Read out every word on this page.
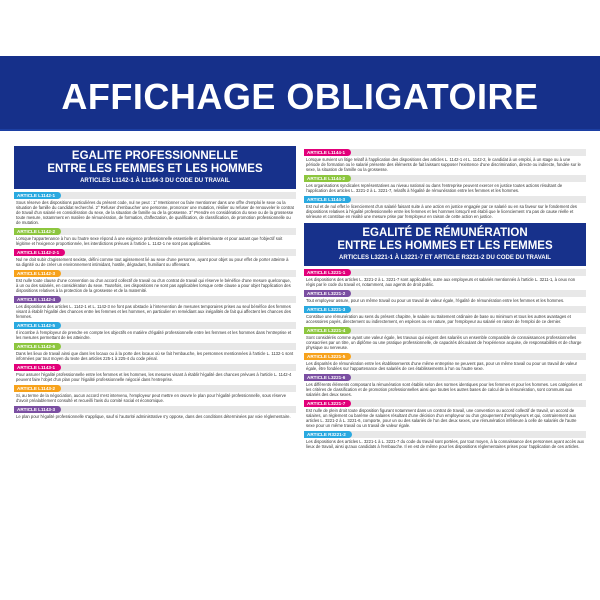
AFFICHAGE OBLIGATOIRE
EGALITE PROFESSIONNELLE
ENTRE LES FEMMES ET LES HOMMES
ARTICLES L1142-1 À L1144-3 DU CODE DU TRAVAIL
ARTICLE L1142-1
Sous réserve des dispositions particulières du présent code, nul ne peut : 1° Mentionner ou faire mentionner dans une offre d'emploi le sexe ou la situation de famille du candidat recherché. 2° Refuser d'embaucher une personne, prononcer une mutation, résilier ou refuser de renouveler le contrat de travail d'un salarié en considération du sexe, de la situation de famille ou de la grossesse. 3° Prendre en considération du sexe ou de la grossesse toute mesure, notamment en matière de rémunération, de formation, d'affectation, de qualification, de classification, de promotion professionnelle ou de mutation.
ARTICLE L1142-2
Lorsque l'appartenance à l'un ou l'autre sexe répond à une exigence professionnelle essentielle et déterminante et pour autant que l'objectif soit légitime et l'exigence proportionnée, les interdictions prévues à l'article L. 1142-1 ne sont pas applicables.
ARTICLE L1142-2-1
Nul ne doit subir d'agissement sexiste, défini comme tout agissement lié au sexe d'une personne, ayant pour objet ou pour effet de porter atteinte à sa dignité ou de créer un environnement intimidant, hostile, dégradant, humiliant ou offensant.
ARTICLE L1142-3
Est nulle toute clause d'une convention ou d'un accord collectif de travail ou d'un contrat de travail qui réserve le bénéfice d'une mesure quelconque, à un ou des salariés, en considération du sexe. Toutefois, ces dispositions ne sont pas applicables lorsque cette clause a pour objet l'application des dispositions relatives à la protection de la grossesse et de la maternité.
ARTICLE L1142-4
Les dispositions des articles L. 1142-1 et L. 1142-3 ne font pas obstacle à l'intervention de mesures temporaires prises au seul bénéfice des femmes visant à établir l'égalité des chances entre les femmes et les hommes, en particulier en remédiant aux inégalités de fait qui affectent les chances des femmes.
ARTICLE L1142-5
Il incombe à l'employeur de prendre en compte les objectifs en matière d'égalité professionnelle entre les femmes et les hommes dans l'entreprise et les mesures permettant de les atteindre.
ARTICLE L1142-6
Dans les lieux de travail ainsi que dans les locaux ou à la porte des locaux où se fait l'embauche, les personnes mentionnées à l'article L. 1132-1 sont informées par tout moyen du texte des articles 225-1 à 225-4 du code pénal.
ARTICLE L1143-1
Pour assurer l'égalité professionnelle entre les femmes et les hommes, les mesures visant à établir l'égalité des chances prévues à l'article L. 1142-4 peuvent faire l'objet d'un plan pour l'égalité professionnelle négocié dans l'entreprise.
ARTICLE L1143-2
Si, au terme de la négociation, aucun accord n'est intervenu, l'employeur peut mettre en œuvre le plan pour l'égalité professionnelle, sous réserve d'avoir préalablement consulté et recueilli l'avis du comité social et économique.
ARTICLE L1143-3
Le plan pour l'égalité professionnelle s'applique, sauf si l'autorité administrative s'y oppose, dans des conditions déterminées par voie réglementaire.
ARTICLE L1144-1
Lorsque survient un litige relatif à l'application des dispositions des articles L. 1142-1 et L. 1142-2, le candidat à un emploi, à un stage ou à une période de formation ou le salarié présente des éléments de fait laissant supposer l'existence d'une discrimination, directe ou indirecte, fondée sur le sexe, la situation de famille ou la grossesse.
ARTICLE L1144-2
Les organisations syndicales représentatives au niveau national ou dans l'entreprise peuvent exercer en justice toutes actions résultant de l'application des articles L. 3221-2 à L. 3221-7, relatifs à l'égalité de rémunération entre les femmes et les hommes.
ARTICLE L1144-3
Est nul et de nul effet le licenciement d'un salarié faisant suite à une action en justice engagée par ce salarié ou en sa faveur sur le fondement des dispositions relatives à l'égalité professionnelle entre les femmes et les hommes lorsqu'il est établi que le licenciement n'a pas de cause réelle et sérieuse et constitue en réalité une mesure prise par l'employeur en raison de cette action en justice.
EGALITÉ DE RÉMUNÉRATION
ENTRE LES HOMMES ET LES FEMMES
ARTICLES L3221-1 À L3221-7 ET ARTICLE R3221-2 DU CODE DU TRAVAIL
ARTICLE L3221-1
Les dispositions des articles L. 3221-2 à L. 3221-7 sont applicables, outre aux employeurs et salariés mentionnés à l'article L. 3211-1, à ceux non régis par le code du travail et, notamment, aux agents de droit public.
ARTICLE L3221-2
Tout employeur assure, pour un même travail ou pour un travail de valeur égale, l'égalité de rémunération entre les femmes et les hommes.
ARTICLE L3221-3
Constitue une rémunération au sens du présent chapitre, le salaire ou traitement ordinaire de base ou minimum et tous les autres avantages et accessoires payés, directement ou indirectement, en espèces ou en nature, par l'employeur au salarié en raison de l'emploi de ce dernier.
ARTICLE L3221-4
Sont considérés comme ayant une valeur égale, les travaux qui exigent des salariés un ensemble comparable de connaissances professionnelles consacrées par un titre, un diplôme ou une pratique professionnelle, de capacités découlant de l'expérience acquise, de responsabilités et de charge physique ou nerveuse.
ARTICLE L3221-5
Les disparités de rémunération entre les établissements d'une même entreprise ne peuvent pas, pour un même travail ou pour un travail de valeur égale, être fondées sur l'appartenance des salariés de ces établissements à l'un ou l'autre sexe.
ARTICLE L3221-6
Les différents éléments composant la rémunération sont établis selon des normes identiques pour les femmes et pour les hommes. Les catégories et les critères de classification et de promotion professionnelles ainsi que toutes les autres bases de calcul de la rémunération, sont communs aux salariés des deux sexes.
ARTICLE L3221-7
Est nulle de plein droit toute disposition figurant notamment dans un contrat de travail, une convention ou accord collectif de travail, un accord de salaires, un règlement ou barème de salaires résultant d'une décision d'un employeur ou d'un groupement d'employeurs et qui, contrairement aux articles L. 3221-2 à L. 3221-6, comporte, pour un ou des salariés de l'un des deux sexes, une rémunération inférieure à celle de salariés de l'autre sexe pour un même travail ou un travail de valeur égale.
ARTICLE R3221-2
Les dispositions des articles L. 3221-1 à L. 3221-7 du code du travail sont portées, par tout moyen, à la connaissance des personnes ayant accès aux lieux de travail, ainsi qu'aux candidats à l'embauche. Il en est de même pour les dispositions réglementaires prises pour l'application de ces articles.
